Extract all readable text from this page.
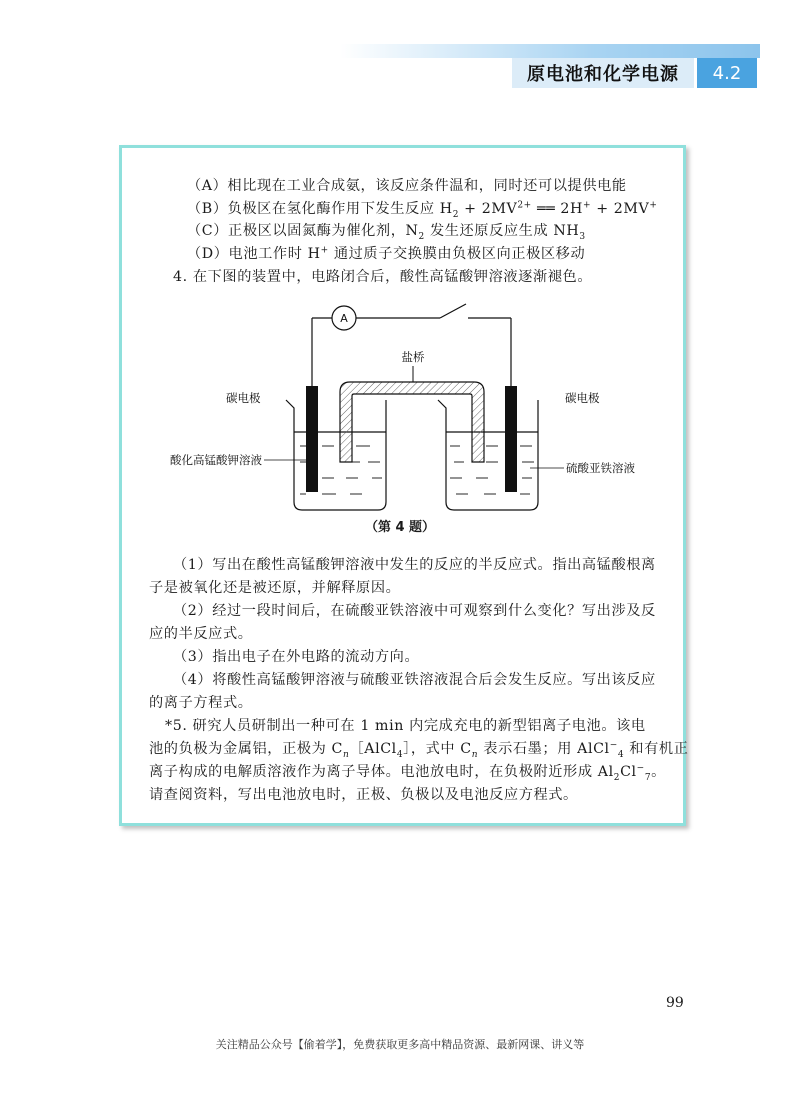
原电池和化学电源	4.2
（A）相比现在工业合成氨，该反应条件温和，同时还可以提供电能
（B）负极区在氢化酶作用下发生反应 $H_2 + 2MV^{2+}$ ══ 2H+ + 2MV+
（C）正极区以固氮酶为催化剂，$N_2$ 发生还原反应生成 $NH_3$
（D）电池工作时 H+ 通过质子交换膜由负极区向正极区移动
4. 在下图的装置中，电路闭合后，酸性高锰酸钾溶液逐渐褪色。
A
盐桥
碳电极
酸化高锰酸钾溶液
碳电极
硫酸亚铁溶液
（第 4 题）
（1）写出在酸性高锰酸钾溶液中发生的反应的半反应式。指出高锰酸根离
子是被氧化还是被还原，并解释原因。
（2）经过一段时间后，在硫酸亚铁溶液中可观察到什么变化？写出涉及反
应的半反应式。
（3）指出电子在外电路的流动方向。
（4）将酸性高锰酸钾溶液与硫酸亚铁溶液混合后会发生反应。写出该反应
的离子方程式。
*5. 研究人员研制出一种可在 1 min 内完成充电的新型铝离子电池。该电
池的负极为金属铝，正极为 $C_n[AlCl_4]$，式中 $C_n$ 表示石墨；用 AlCl−$_4$ 和有机正
离子构成的电解质溶液作为离子导体。电池放电时，在负极附近形成 $Al_2Cl^-_7$。
请查阅资料，写出电池放电时，正极、负极以及电池反应方程式。
99
关注精品公众号【偷着学】，免费获取更多高中精品资源、最新网课、讲义等
